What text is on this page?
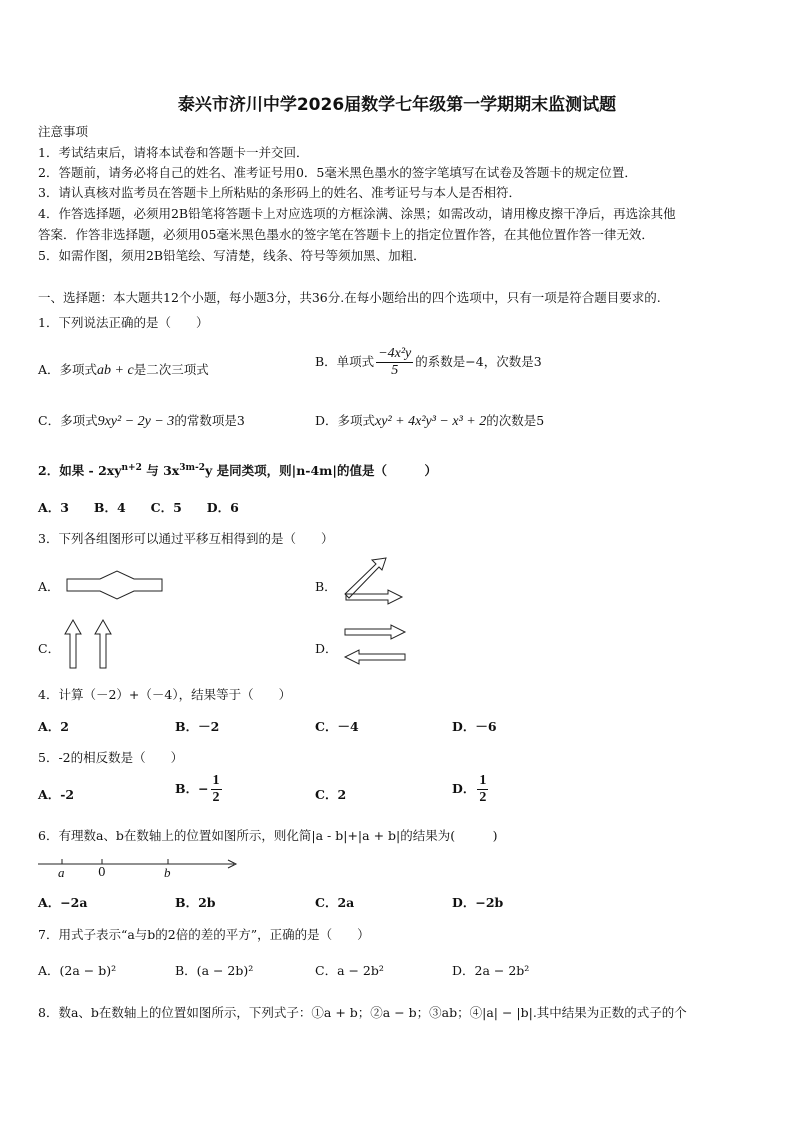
泰兴市济川中学2026届数学七年级第一学期期末监测试题
注意事项
1．考试结束后，请将本试卷和答题卡一并交回．
2．答题前，请务必将自己的姓名、准考证号用0．5毫米黑色墨水的签字笔填写在试卷及答题卡的规定位置．
3．请认真核对监考员在答题卡上所粘贴的条形码上的姓名、准考证号与本人是否相符．
4．作答选择题，必须用2B铅笔将答题卡上对应选项的方框涂满、涂黑；如需改动，请用橡皮擦干净后，再选涂其他
答案．作答非选择题，必须用05毫米黑色墨水的签字笔在答题卡上的指定位置作答，在其他位置作答一律无效．
5．如需作图，须用2B铅笔绘、写清楚，线条、符号等须加黑、加粗．
一、选择题：本大题共12个小题，每小题3分，共36分.在每小题给出的四个选项中，只有一项是符合题目要求的.
1．下列说法正确的是（　　）
A．多项式ab + c是二次三项式
B．单项式 $\frac{\text{−4x²y}}{5}$ 的系数是−4，次数是3
C．多项式9xy² − 2y − 3的常数项是3	D．多项式xy² + 4x²y³ − x³ + 2的次数是5
2．如果 - $2xy^{n+2}$ 与 $3x^{3m-2}y$ 是同类项，则|n-4m|的值是（　　　）
A．3　　B．4　　C．5　　D．6
3．下列各组图形可以通过平移互相得到的是（　　）
A．	B．
C．	D．
4．计算（－2）+（－4），结果等于（　　）
A．2	B．－2	C．－4	D．－6
5．-2的相反数是（　　）
A．-2	B．− $\frac{1}{2}$	C．2	D． $\frac{1}{2}$
6．有理数a、b在数轴上的位置如图所示，则化简|a - b|+|a + b|的结果为(　　　)
a	0	b
A．−2a	B．2b	C．2a	D．−2b
7．用式子表示“a与b的2倍的差的平方”，正确的是（　　）
A．(2a − b)²	B．(a − 2b)²	C．a − 2b²	D．2a − 2b²
8．数a、b在数轴上的位置如图所示，下列式子：①a + b；②a − b；③ab；④|a| − |b|.其中结果为正数的式子的个
